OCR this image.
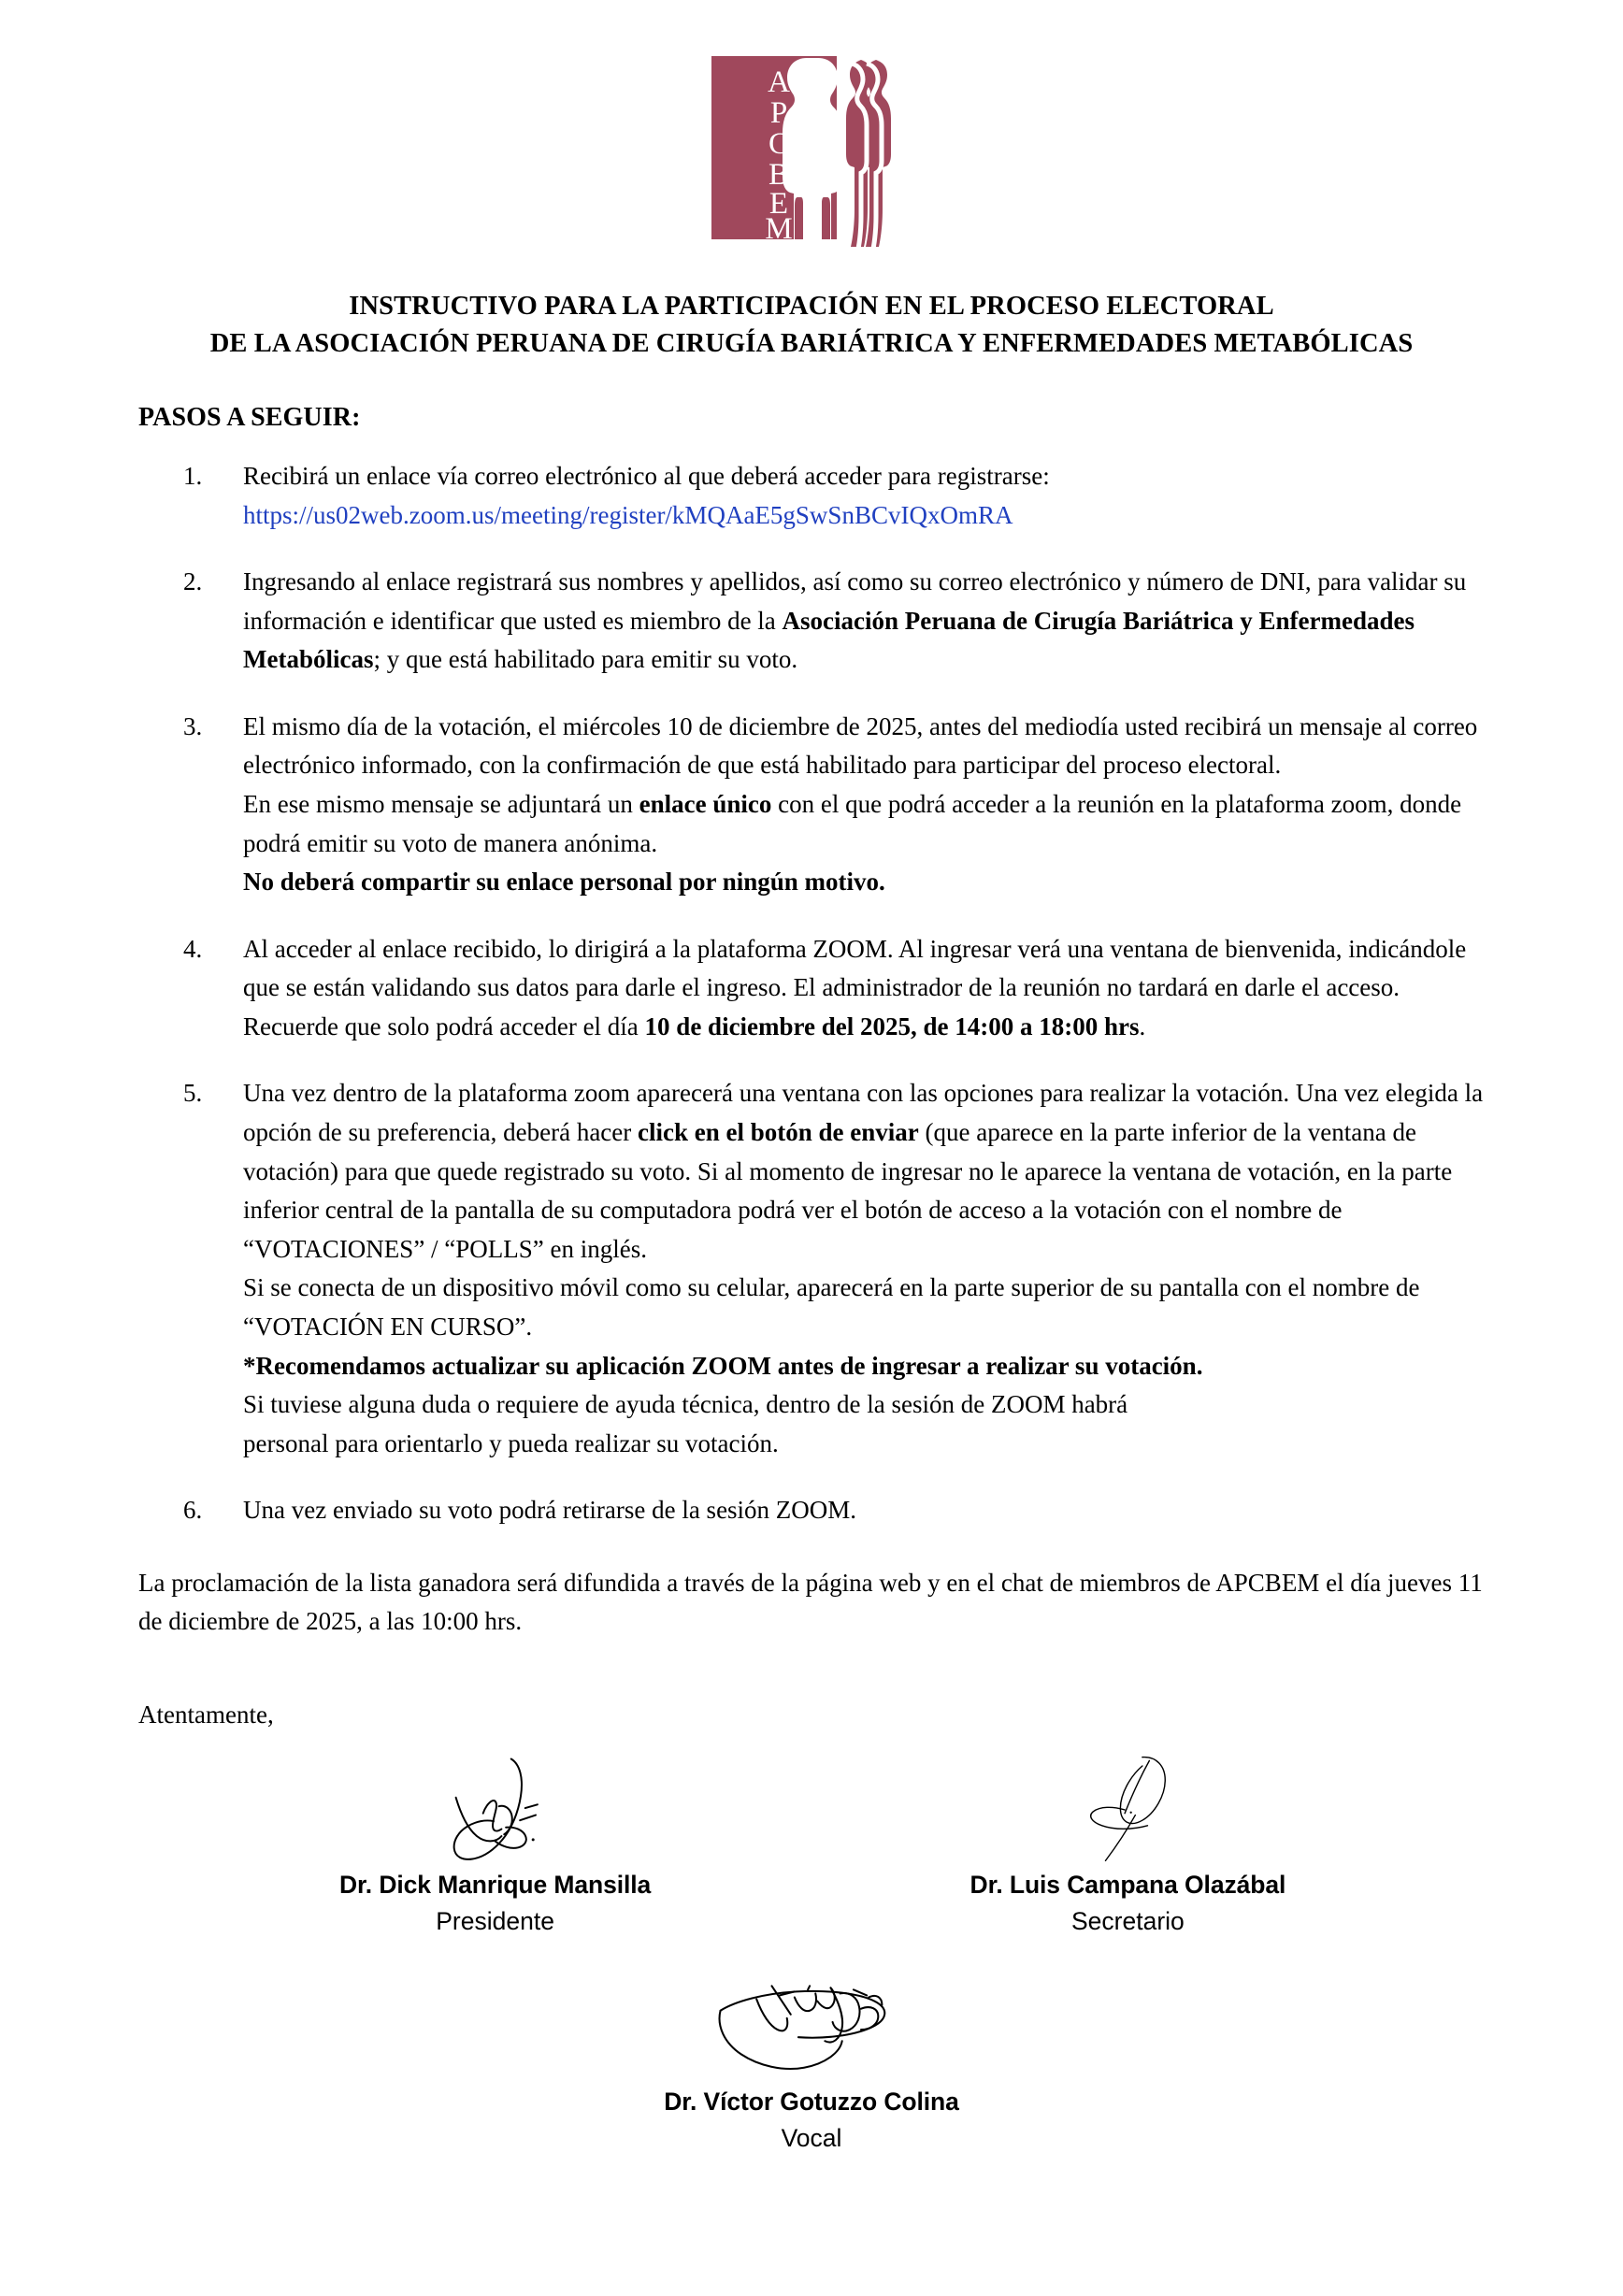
A
P
C
B
E
M
INSTRUCTIVO PARA LA PARTICIPACIÓN EN EL PROCESO ELECTORAL
DE LA ASOCIACIÓN PERUANA DE CIRUGÍA BARIÁTRICA Y ENFERMEDADES METABÓLICAS
PASOS A SEGUIR:
1.	Recibirá un enlace vía correo electrónico al que deberá acceder para registrarse:

https://us02web.zoom.us/meeting/register/kMQAaE5gSwSnBCvIQxOmRA

2.	Ingresando al enlace registrará sus nombres y apellidos, así como su correo electrónico y número de DNI, para validar su información e identificar que usted es miembro de la Asociación Peruana de Cirugía Bariátrica y Enfermedades Metabólicas; y que está habilitado para emitir su voto.

3.	El mismo día de la votación, el miércoles 10 de diciembre de 2025, antes del mediodía usted recibirá un mensaje al correo electrónico informado, con la confirmación de que está habilitado para participar del proceso electoral.

En ese mismo mensaje se adjuntará un enlace único con el que podrá acceder a la reunión en la plataforma zoom, donde podrá emitir su voto de manera anónima.

No deberá compartir su enlace personal por ningún motivo.

4.	Al acceder al enlace recibido, lo dirigirá a la plataforma ZOOM. Al ingresar verá una ventana de bienvenida, indicándole que se están validando sus datos para darle el ingreso. El administrador de la reunión no tardará en darle el acceso.

Recuerde que solo podrá acceder el día 10 de diciembre del 2025, de 14:00 a 18:00 hrs.

5.	Una vez dentro de la plataforma zoom aparecerá una ventana con las opciones para realizar la votación. Una vez elegida la opción de su preferencia, deberá hacer click en el botón de enviar (que aparece en la parte inferior de la ventana de votación) para que quede registrado su voto. Si al momento de ingresar no le aparece la ventana de votación, en la parte inferior central de la pantalla de su computadora podrá ver el botón de acceso a la votación con el nombre de “VOTACIONES” / “POLLS” en inglés.

Si se conecta de un dispositivo móvil como su celular, aparecerá en la parte superior de su pantalla con el nombre de “VOTACIÓN EN CURSO”.

*Recomendamos actualizar su aplicación ZOOM antes de ingresar a realizar su votación.

Si tuviese alguna duda o requiere de ayuda técnica, dentro de la sesión de ZOOM habrá

personal para orientarlo y pueda realizar su votación.

6.	Una vez enviado su voto podrá retirarse de la sesión ZOOM.

La proclamación de la lista ganadora será difundida a través de la página web y en el chat de miembros de APCBEM el día jueves 11 de diciembre de 2025, a las 10:00 hrs.

Atentamente,

Dr. Dick Manrique Mansilla
Presidente
Dr. Luis Campana Olazábal
Secretario
Dr. Víctor Gotuzzo Colina
Vocal
